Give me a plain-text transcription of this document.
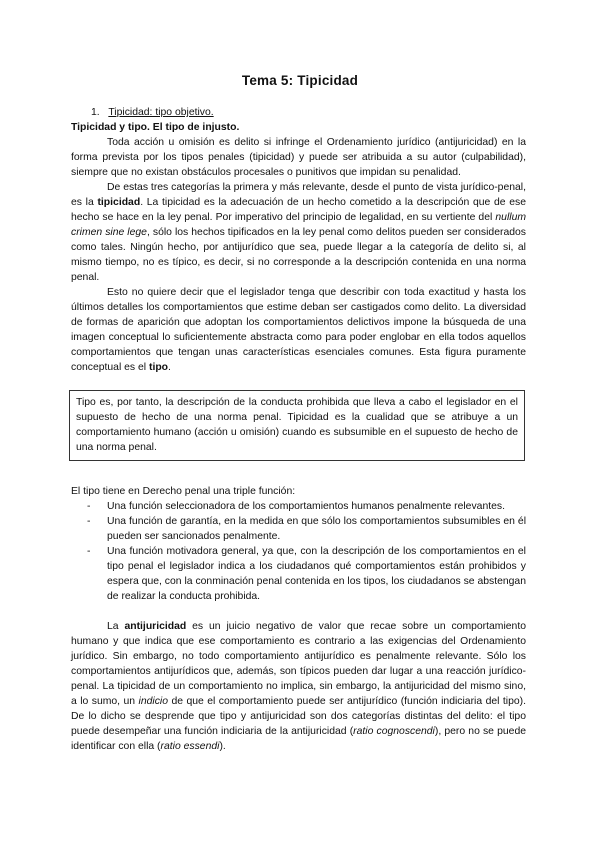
Tema 5: Tipicidad

1. Tipicidad: tipo objetivo.

Tipicidad y tipo. El tipo de injusto.

Toda acción u omisión es delito si infringe el Ordenamiento jurídico (antijuricidad) en la forma prevista por los tipos penales (tipicidad) y puede ser atribuida a su autor (culpabilidad), siempre que no existan obstáculos procesales o punitivos que impidan su penalidad.

De estas tres categorías la primera y más relevante, desde el punto de vista jurídico-penal, es la tipicidad. La tipicidad es la adecuación de un hecho cometido a la descripción que de ese hecho se hace en la ley penal. Por imperativo del principio de legalidad, en su vertiente del nullum crimen sine lege, sólo los hechos tipificados en la ley penal como delitos pueden ser considerados como tales. Ningún hecho, por antijurídico que sea, puede llegar a la categoría de delito si, al mismo tiempo, no es típico, es decir, si no corresponde a la descripción contenida en una norma penal.

Esto no quiere decir que el legislador tenga que describir con toda exactitud y hasta los últimos detalles los comportamientos que estime deban ser castigados como delito. La diversidad de formas de aparición que adoptan los comportamientos delictivos impone la búsqueda de una imagen conceptual lo suficientemente abstracta como para poder englobar en ella todos aquellos comportamientos que tengan unas características esenciales comunes. Esta figura puramente conceptual es el tipo.

Tipo es, por tanto, la descripción de la conducta prohibida que lleva a cabo el legislador en el supuesto de hecho de una norma penal. Tipicidad es la cualidad que se atribuye a un comportamiento humano (acción u omisión) cuando es subsumible en el supuesto de hecho de una norma penal.

El tipo tiene en Derecho penal una triple función:

- Una función seleccionadora de los comportamientos humanos penalmente relevantes.
- Una función de garantía, en la medida en que sólo los comportamientos subsumibles en él pueden ser sancionados penalmente.
- Una función motivadora general, ya que, con la descripción de los comportamientos en el tipo penal el legislador indica a los ciudadanos qué comportamientos están prohibidos y espera que, con la conminación penal contenida en los tipos, los ciudadanos se abstengan de realizar la conducta prohibida.

La antijuricidad es un juicio negativo de valor que recae sobre un comportamiento humano y que indica que ese comportamiento es contrario a las exigencias del Ordenamiento jurídico. Sin embargo, no todo comportamiento antijurídico es penalmente relevante. Sólo los comportamientos antijurídicos que, además, son típicos pueden dar lugar a una reacción jurídico-penal. La tipicidad de un comportamiento no implica, sin embargo, la antijuricidad del mismo sino, a lo sumo, un indicio de que el comportamiento puede ser antijurídico (función indiciaria del tipo). De lo dicho se desprende que tipo y antijuricidad son dos categorías distintas del delito: el tipo puede desempeñar una función indiciaria de la antijuricidad (ratio cognoscendi), pero no se puede identificar con ella (ratio essendi).
